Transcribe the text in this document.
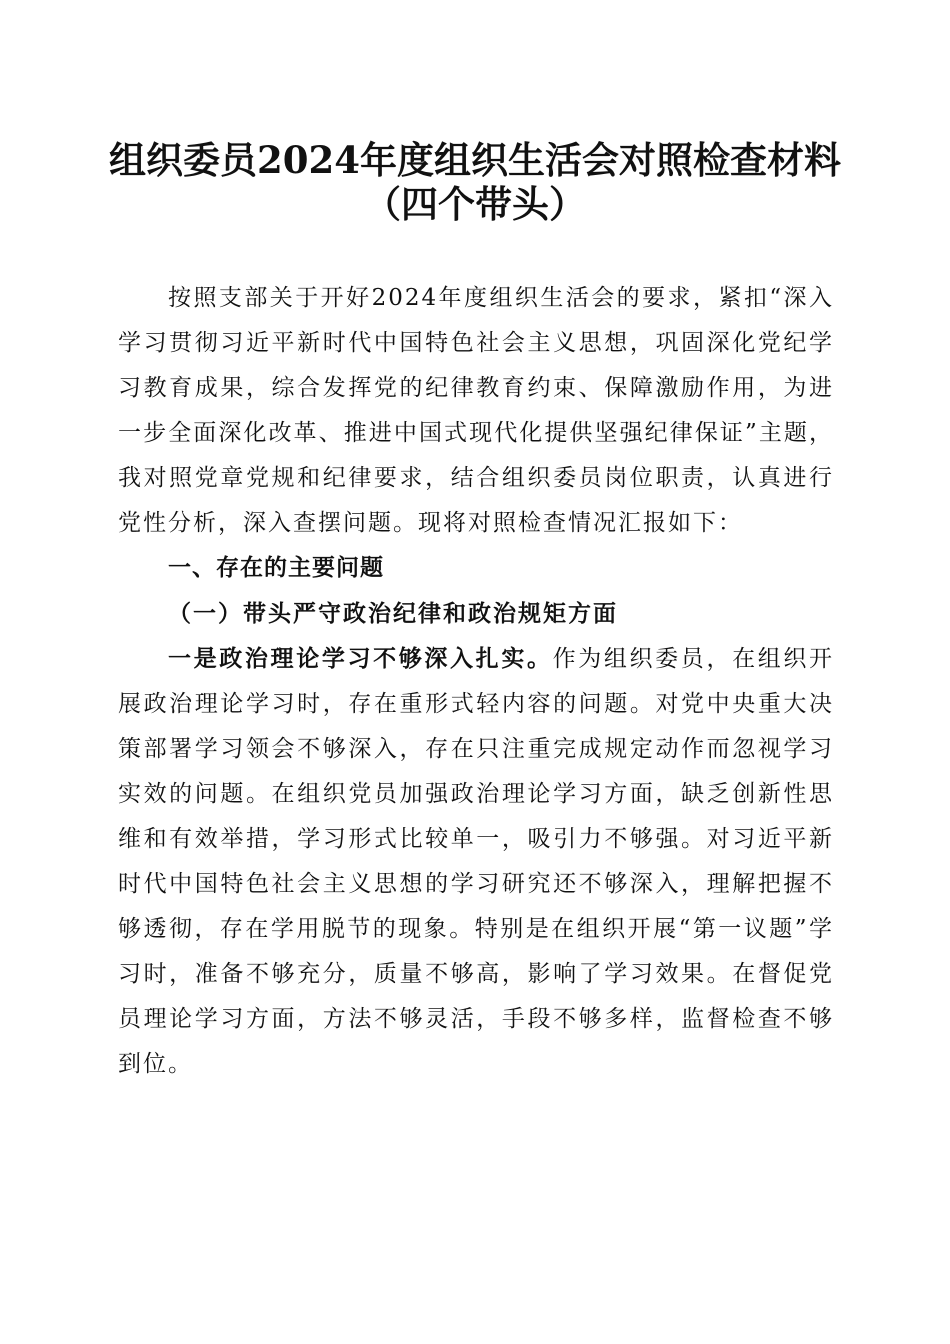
组织委员2024年度组织生活会对照检查材料
（四个带头）

按照支部关于开好2024年度组织生活会的要求，紧扣“深入学习贯彻习近平新时代中国特色社会主义思想，巩固深化党纪学习教育成果，综合发挥党的纪律教育约束、保障激励作用，为进一步全面深化改革、推进中国式现代化提供坚强纪律保证”主题，我对照党章党规和纪律要求，结合组织委员岗位职责，认真进行党性分析，深入查摆问题。现将对照检查情况汇报如下：

一、存在的主要问题

（一）带头严守政治纪律和政治规矩方面

一是政治理论学习不够深入扎实。作为组织委员，在组织开展政治理论学习时，存在重形式轻内容的问题。对党中央重大决策部署学习领会不够深入，存在只注重完成规定动作而忽视学习实效的问题。在组织党员加强政治理论学习方面，缺乏创新性思维和有效举措，学习形式比较单一，吸引力不够强。对习近平新时代中国特色社会主义思想的学习研究还不够深入，理解把握不够透彻，存在学用脱节的现象。特别是在组织开展“第一议题”学习时，准备不够充分，质量不够高，影响了学习效果。在督促党员理论学习方面，方法不够灵活，手段不够多样，监督检查不够到位。
